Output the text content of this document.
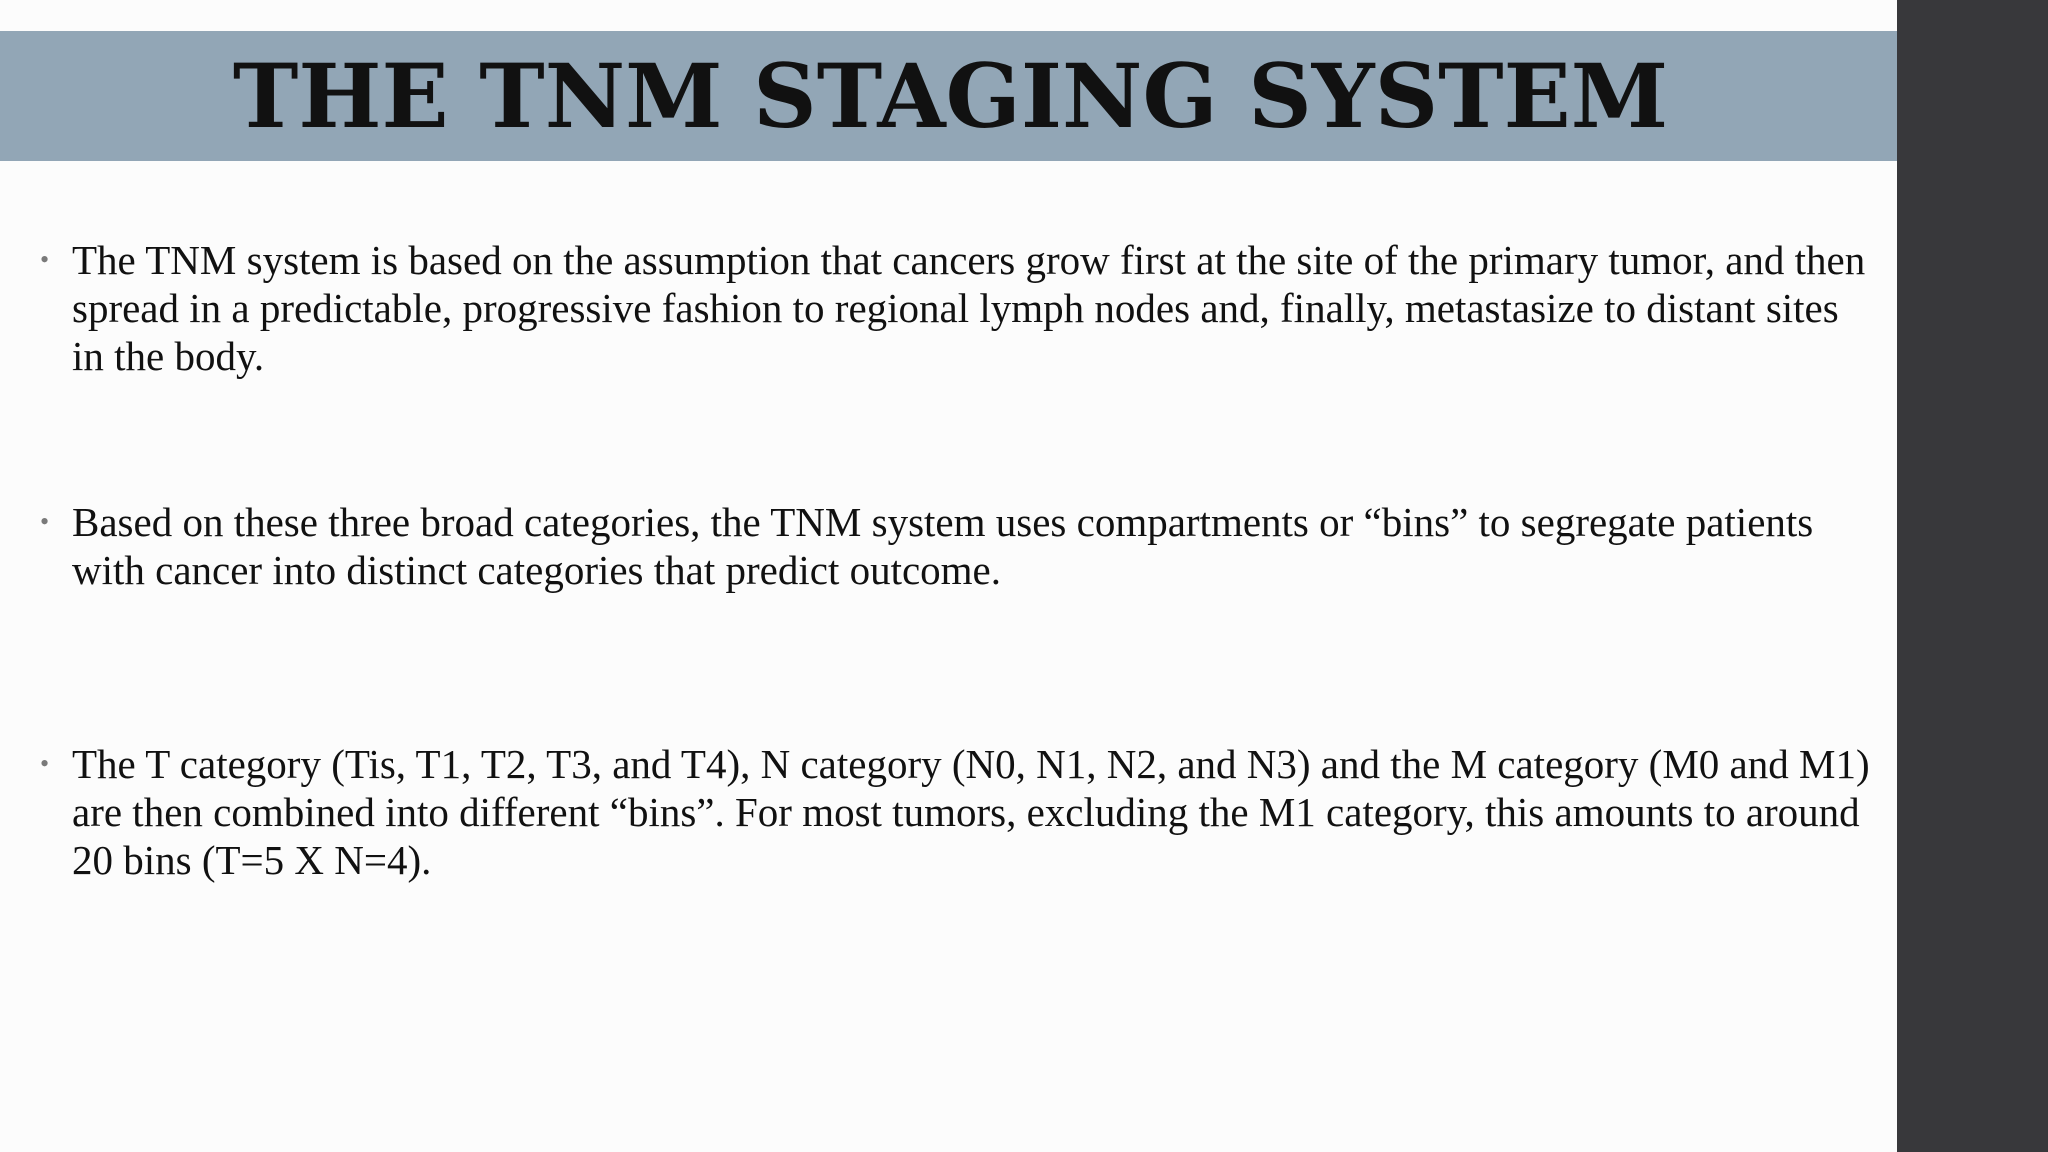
THE TNM STAGING SYSTEM
• The TNM system is based on the assumption that cancers grow first at the site of the primary tumor, and then spread in a predictable, progressive fashion to regional lymph nodes and, finally, metastasize to distant sites in the body.
• Based on these three broad categories, the TNM system uses compartments or “bins” to segregate patients with cancer into distinct categories that predict outcome.
• The T category (Tis, T1, T2, T3, and T4), N category (N0, N1, N2, and N3) and the M category (M0 and M1) are then combined into different “bins”. For most tumors, excluding the M1 category, this amounts to around 20 bins (T=5 X N=4).
